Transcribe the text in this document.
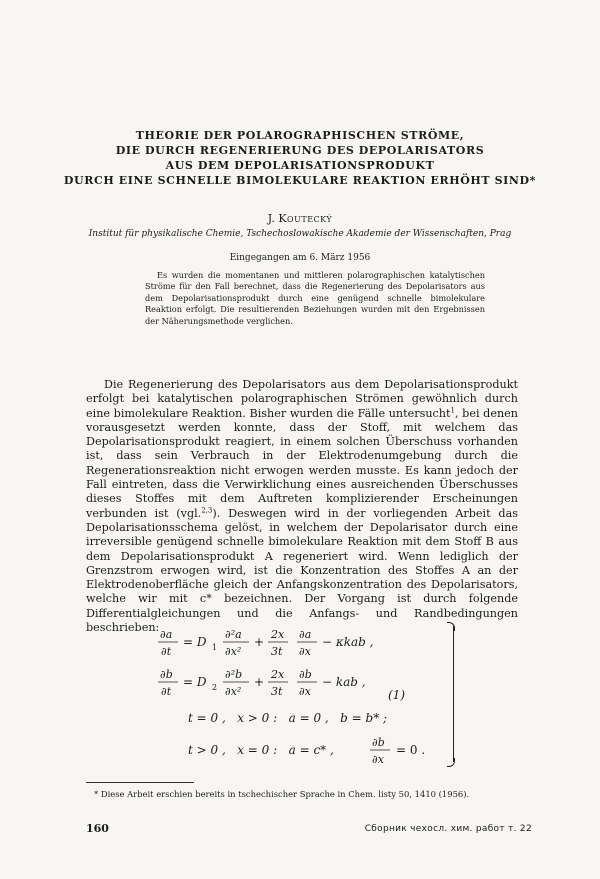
THEORIE DER POLAROGRAPHISCHEN STRÖME,
DIE DURCH REGENERIERUNG DES DEPOLARISATORS
AUS DEM DEPOLARISATIONSPRODUKT
DURCH EINE SCHNELLE BIMOLEKULARE REAKTION ERHÖHT SIND*
J. Koutecký
Institut für physikalische Chemie, Tschechoslowakische Akademie der Wissenschaften, Prag
Eingegangen am 6. März 1956

Es wurden die momentanen und mittleren polarographischen katalytischen Ströme für den Fall berechnet, dass die Regenerierung des Depolarisators aus dem Depolarisationsprodukt durch eine genügend schnelle bimolekulare Reaktion erfolgt. Die resultierenden Beziehungen wurden mit den Ergebnissen der Näherungsmethode verglichen.

Die Regenerierung des Depolarisators aus dem Depolarisationsprodukt erfolgt bei katalytischen polarographischen Strömen gewöhnlich durch eine bimolekulare Reaktion. Bisher wurden die Fälle untersucht$^1$, bei denen vorausgesetzt werden konnte, dass der Stoff, mit welchem das Depolarisationsprodukt reagiert, in einem solchen Überschuss vorhanden ist, dass sein Verbrauch in der Elektrodenumgebung durch die Regenerationsreaktion nicht erwogen werden musste. Es kann jedoch der Fall eintreten, dass die Verwirklichung eines ausreichenden Überschusses dieses Stoffes mit dem Auftreten komplizierender Erscheinungen verbunden ist (vgl.$^{2,3}$). Deswegen wird in der vorliegenden Arbeit das Depolarisationsschema gelöst, in welchem der Depolarisator durch eine irreversible genügend schnelle bimolekulare Reaktion mit dem Stoff B aus dem Depolarisationsprodukt A regeneriert wird. Wenn lediglich der Grenzstrom erwogen wird, ist die Konzentration des Stoffes A an der Elektrodenoberfläche gleich der Anfangskonzentration des Depolarisators, welche wir mit c* bezeichnen. Der Vorgang ist durch folgende Differentialgleichungen und die Anfangs- und Randbedingungen beschrieben:

∂a
∂t
= D 1
∂²a
∂x²
+
2x
3t
∂a
∂x
− κkab ,
∂b
∂t
= D 2
∂²b
∂x²
+
2x
3t
∂b
∂x
− kab ,
t = 0 ,   x > 0 :   a = 0 ,   b = b* ;
t > 0 ,   x = 0 :   a = c* ,
∂b
∂x
= 0 .
(1)
* Diese Arbeit erschien bereits in tschechischer Sprache in Chem. listy 50, 1410 (1956).
160	Сборник чехосл. хим. работ т. 22
